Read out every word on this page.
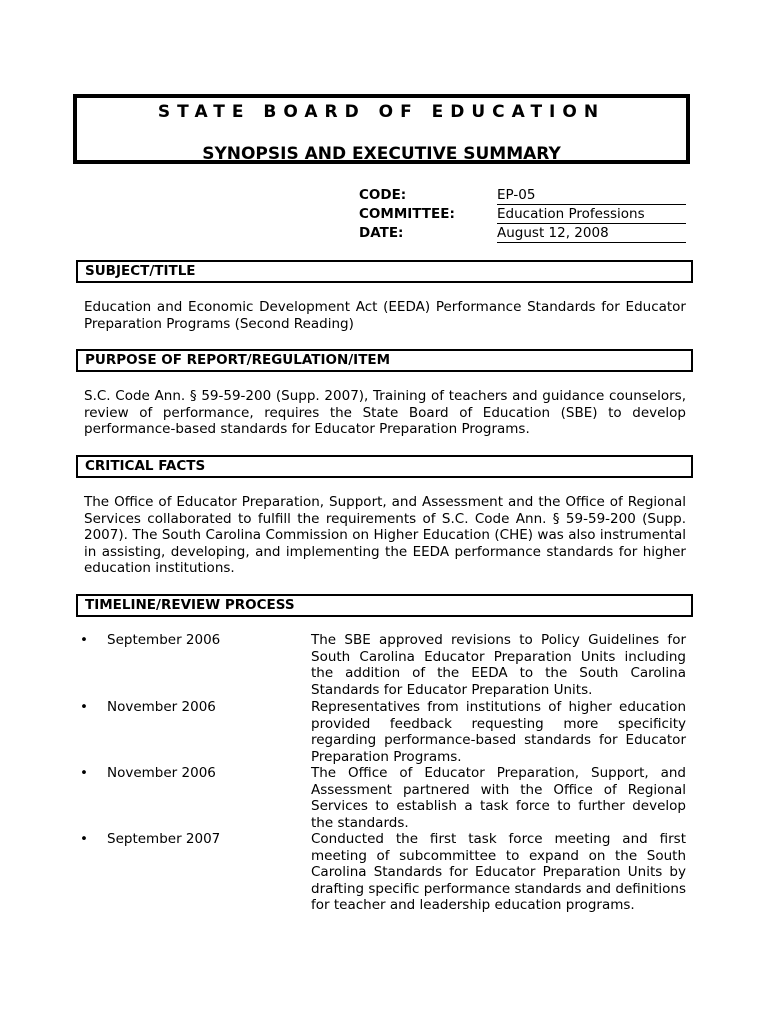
STATE BOARD OF EDUCATION
SYNOPSIS AND EXECUTIVE SUMMARY
CODE:	EP-05
COMMITTEE:	Education Professions
DATE:	August 12, 2008
SUBJECT/TITLE
Education and Economic Development Act (EEDA) Performance Standards for Educator Preparation Programs (Second Reading)
PURPOSE OF REPORT/REGULATION/ITEM
S.C. Code Ann. § 59-59-200 (Supp. 2007), Training of teachers and guidance counselors, review of performance, requires the State Board of Education (SBE) to develop performance-based standards for Educator Preparation Programs.
CRITICAL FACTS
The Office of Educator Preparation, Support, and Assessment and the Office of Regional Services collaborated to fulfill the requirements of S.C. Code Ann. § 59-59-200 (Supp. 2007). The South Carolina Commission on Higher Education (CHE) was also instrumental in assisting, developing, and implementing the EEDA performance standards for higher education institutions.
TIMELINE/REVIEW PROCESS
• September 2006	The SBE approved revisions to Policy Guidelines for South Carolina Educator Preparation Units including the addition of the EEDA to the South Carolina Standards for Educator Preparation Units.
• November 2006	Representatives from institutions of higher education provided feedback requesting more specificity regarding performance-based standards for Educator Preparation Programs.
• November 2006	The Office of Educator Preparation, Support, and Assessment partnered with the Office of Regional Services to establish a task force to further develop the standards.
• September 2007	Conducted the first task force meeting and first meeting of subcommittee to expand on the South Carolina Standards for Educator Preparation Units by drafting specific performance standards and definitions for teacher and leadership education programs.
